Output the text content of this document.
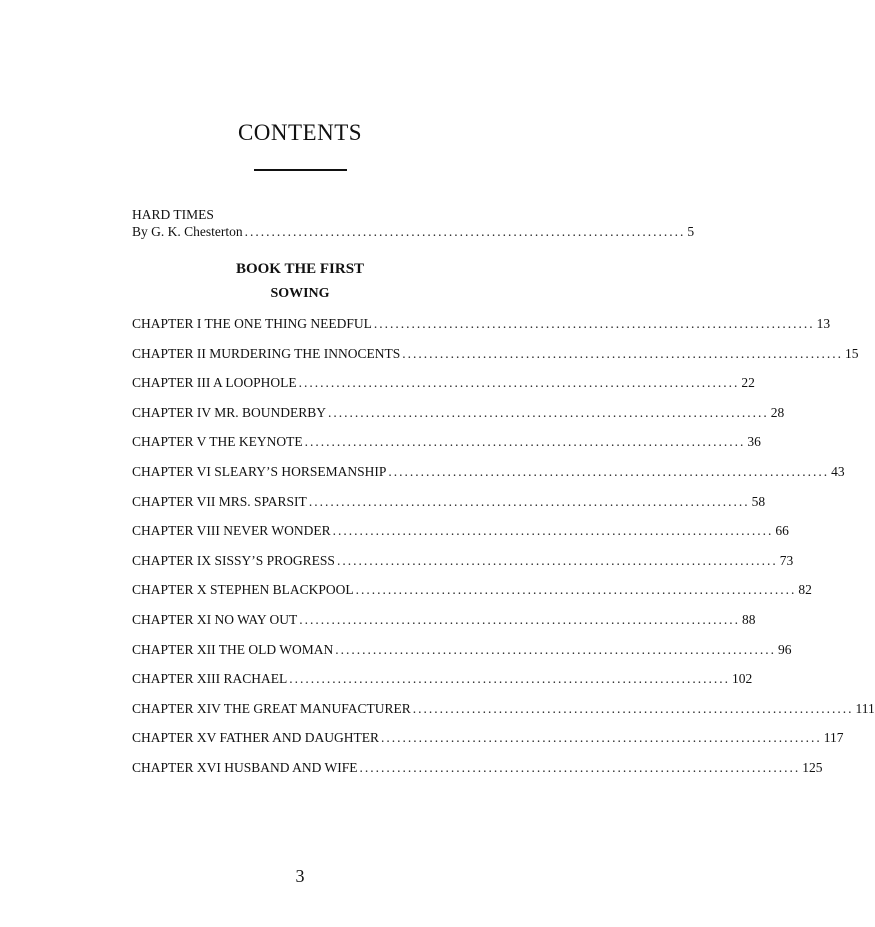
CONTENTS
HARD TIMES
By G. K. Chesterton .................................................................................. 5
BOOK THE FIRST
SOWING
CHAPTER I THE ONE THING NEEDFUL .................................................................................. 13
CHAPTER II MURDERING THE INNOCENTS .................................................................................. 15
CHAPTER III A LOOPHOLE .................................................................................. 22
CHAPTER IV MR. BOUNDERBY .................................................................................. 28
CHAPTER V THE KEYNOTE .................................................................................. 36
CHAPTER VI SLEARY’S HORSEMANSHIP .................................................................................. 43
CHAPTER VII MRS. SPARSIT .................................................................................. 58
CHAPTER VIII NEVER WONDER .................................................................................. 66
CHAPTER IX SISSY’S PROGRESS .................................................................................. 73
CHAPTER X STEPHEN BLACKPOOL .................................................................................. 82
CHAPTER XI NO WAY OUT .................................................................................. 88
CHAPTER XII THE OLD WOMAN .................................................................................. 96
CHAPTER XIII RACHAEL .................................................................................. 102
CHAPTER XIV THE GREAT MANUFACTURER .................................................................................. 111
CHAPTER XV FATHER AND DAUGHTER .................................................................................. 117
CHAPTER XVI HUSBAND AND WIFE .................................................................................. 125
3
